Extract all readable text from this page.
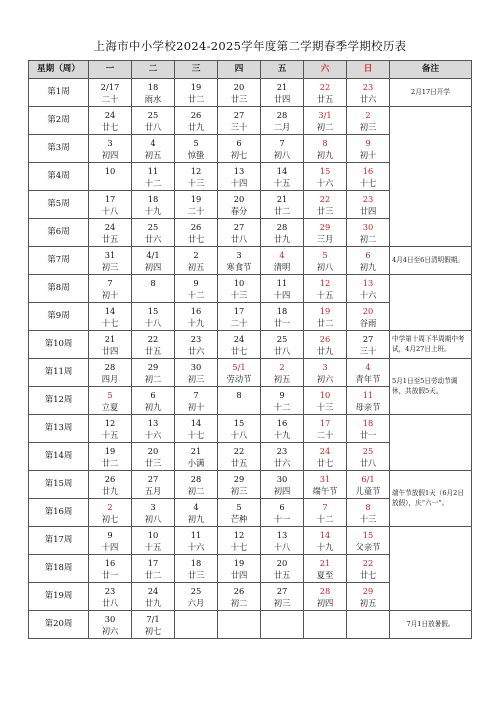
上海市中小学校2024-2025学年度第二学期春季学期校历表
星期（周）	一	二	三	四	五	六	日	备注
第1周	2/17	18	19	20	21	22	23	2月17日开学
	二十	雨水	廿二	廿三	廿四	廿五	廿六	
第2周	24	25	26	27	28	3/1	2	
	廿七	廿八	廿九	三十	二月	初二	初三	
第3周	3	4	5	6	7	8	9	
	初四	初五	惊蛰	初七	初八	初九	初十	
第4周	10	11	12	13	14	15	16	
		十二	十三	十四	十五	十六	十七	
第5周	17	18	19	20	21	22	23	
	十八	十九	二十	春分	廿二	廿三	廿四	
第6周	24	25	26	27	28	29	30	
	廿五	廿六	廿七	廿八	廿九	三月	初二	
第7周	31	4/1	2	3	4	5	6	4月4日至6日清明假期。
	初三	初四	初五	寒食节	清明	初八	初九	
第8周	7	8	9	10	11	12	13	
	初十		十二	十三	十四	十五	十六	
第9周	14	15	16	17	18	19	20	
	十七	十八	十九	二十	廿一	廿二	谷雨	
第10周	21	22	23	24	25	26	27	中学第十周下半周期中考试，4月27日上班。
	廿四	廿五	廿六	廿七	廿八	廿九	三十	
第11周	28	29	30	5/1	2	3	4	5月1日至5日劳动节调休，共放假5天。
	四月	初二	初三	劳动节	初五	初六	青年节	
第12周	5	6	7	8	9	10	11	
	立夏	初九	初十		十二	十三	母亲节	
第13周	12	13	14	15	16	17	18	
	十五	十六	十七	十八	十九	二十	廿一	
第14周	19	20	21	22	23	24	25	
	廿二	廿三	小满	廿五	廿六	廿七	廿八	
第15周	26	27	28	29	30	31	6/1	端午节放假1天（6月2日放假），庆“六一”。
	廿九	五月	初二	初三	初四	端午节	儿童节	
第16周	2	3	4	5	6	7	8	
	初七	初八	初九	芒种	十一	十二	十三	
第17周	9	10	11	12	13	14	15	
	十四	十五	十六	十七	十八	十九	父亲节	
第18周	16	17	18	19	20	21	22	
	廿一	廿二	廿三	廿四	廿五	夏至	廿七	
第19周	23	24	25	26	27	28	29	
	廿八	廿九	六月	初二	初三	初四	初五	
第20周	30	7/1						7月1日放暑假。
	初六	初七						
